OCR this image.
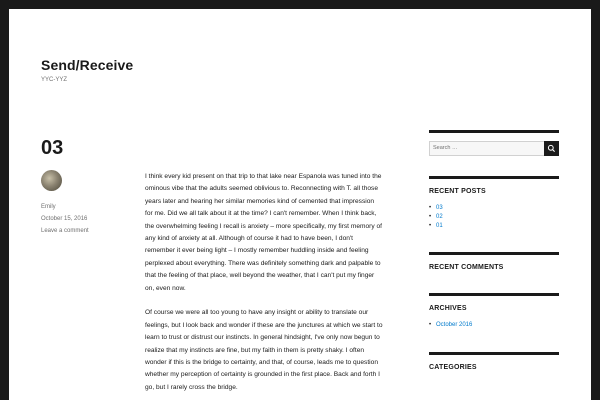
Send/Receive
YYC-YYZ
03
Emily
October 15, 2016
Leave a comment

I think every kid present on that trip to that lake near Espanola was tuned into the ominous vibe that the adults seemed oblivious to. Reconnecting with T. all those years later and hearing her similar memories kind of cemented that impression for me. Did we all talk about it at the time? I can't remember. When I think back, the overwhelming feeling I recall is anxiety – more specifically, my first memory of any kind of anxiety at all. Although of course it had to have been, I don't remember it ever being light – I mostly remember huddling inside and feeling perplexed about everything. There was definitely something dark and palpable to that the feeling of that place, well beyond the weather, that I can't put my finger on, even now.

Of course we were all too young to have any insight or ability to translate our feelings, but I look back and wonder if these are the junctures at which we start to learn to trust or distrust our instincts. In general hindsight, I've only now begun to realize that my instincts are fine, but my faith in them is pretty shaky. I often wonder if this is the bridge to certainty, and that, of course, leads me to question whether my perception of certainty is grounded in the first place. Back and forth I go, but I rarely cross the bridge.

Search …
RECENT POSTS
• 03
• 02
• 01
RECENT COMMENTS
ARCHIVES
• October 2016
CATEGORIES
